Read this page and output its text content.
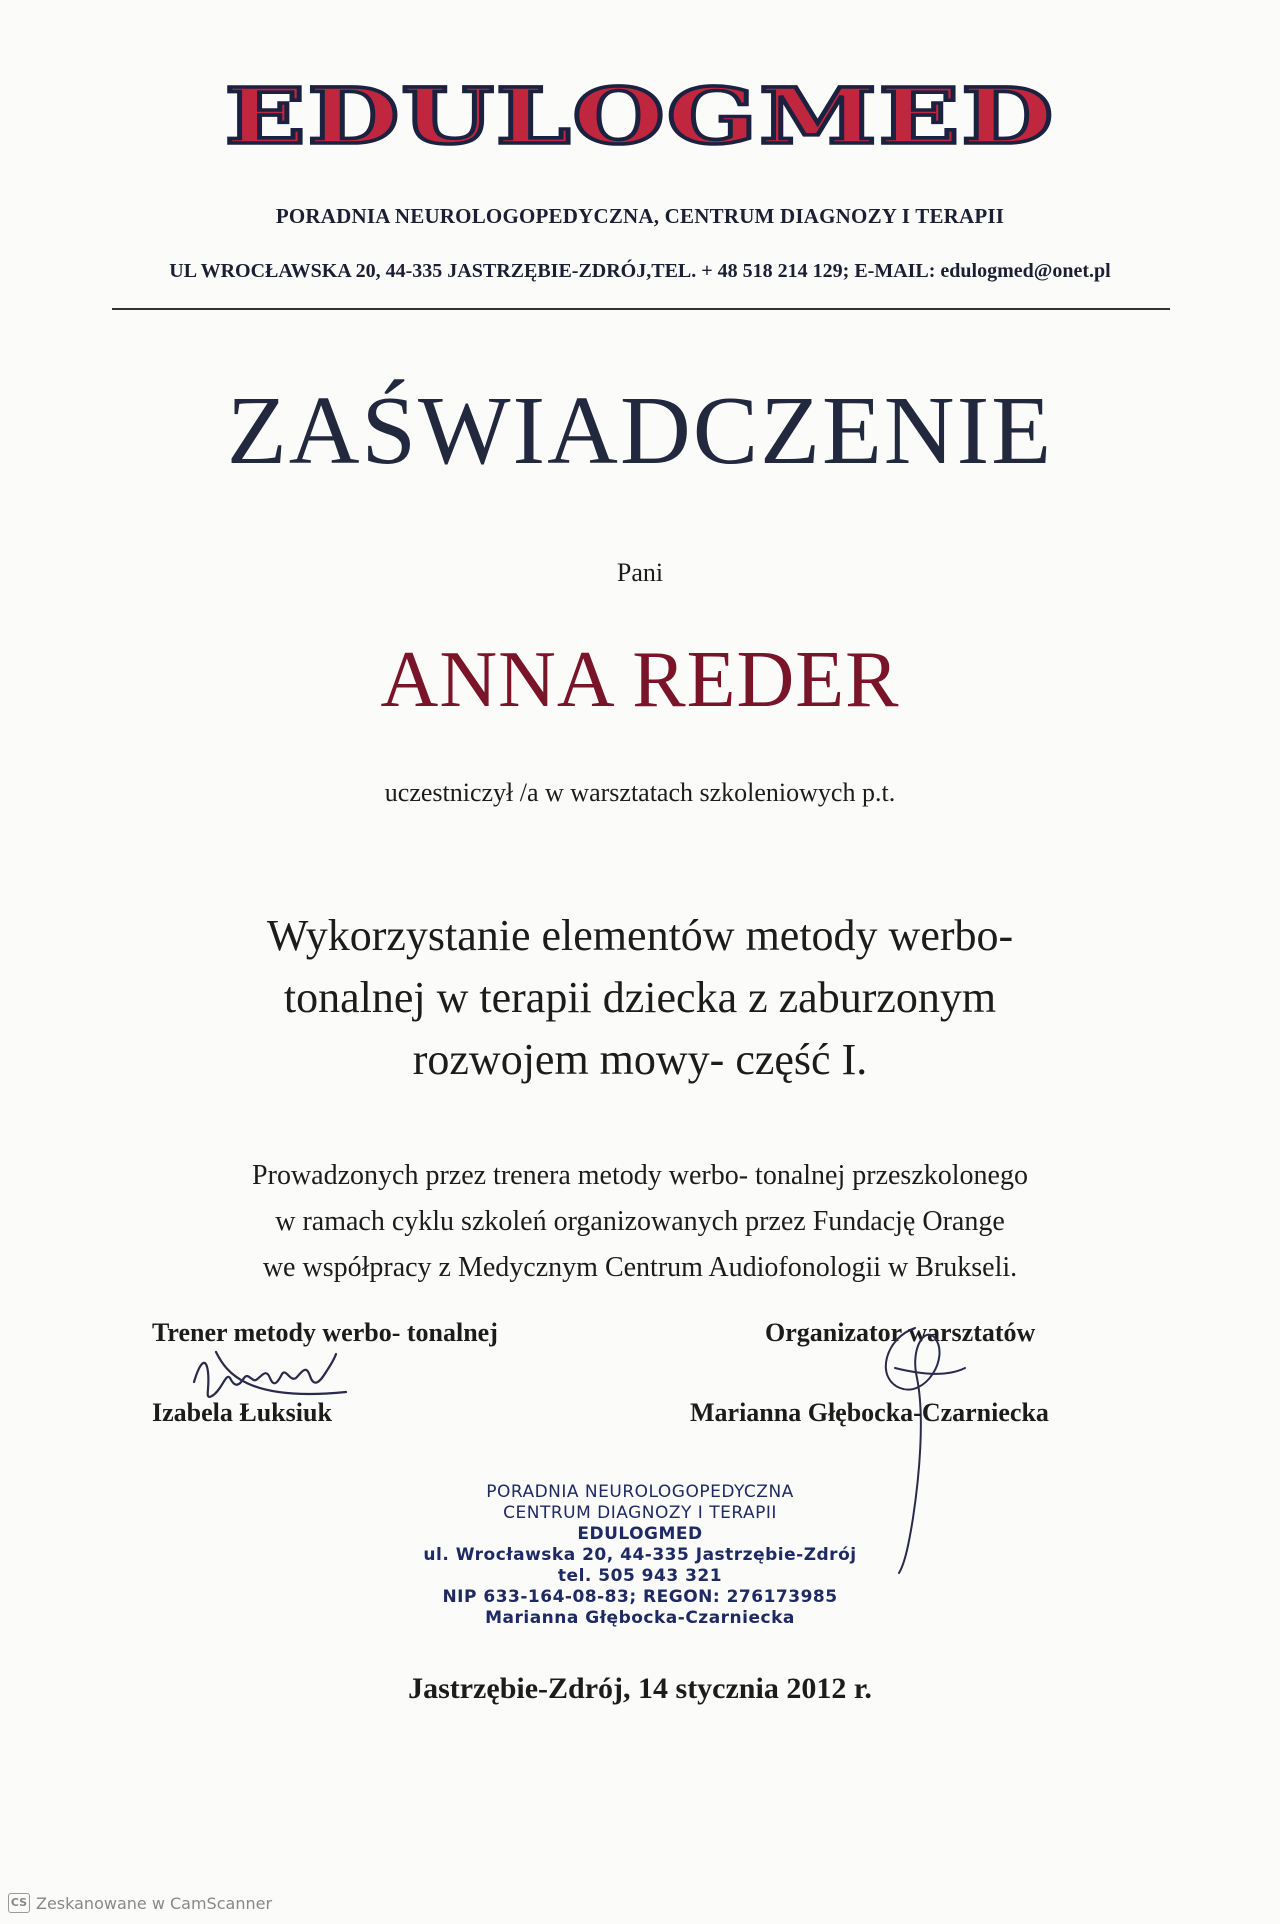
EDULOGMED
PORADNIA NEUROLOGOPEDYCZNA, CENTRUM DIAGNOZY I TERAPII
UL WROCŁAWSKA 20, 44-335 JASTRZĘBIE-ZDRÓJ,TEL. + 48 518 214 129; E-MAIL: edulogmed@onet.pl
ZAŚWIADCZENIE
Pani
ANNA REDER
uczestniczył /a w warsztatach szkoleniowych p.t.
Wykorzystanie elementów metody werbo-
tonalnej w terapii dziecka z zaburzonym
rozwojem mowy- część I.
Prowadzonych przez trenera metody werbo- tonalnej przeszkolonego
w ramach cyklu szkoleń organizowanych przez Fundację Orange
we współpracy z Medycznym Centrum Audiofonologii w Brukseli.
Trener metody werbo- tonalnej
Izabela Łuksiuk
Organizator warsztatów
Marianna Głębocka-Czarniecka
PORADNIA NEUROLOGOPEDYCZNA
CENTRUM DIAGNOZY I TERAPII
EDULOGMED
ul. Wrocławska 20, 44-335 Jastrzębie-Zdrój
tel. 505 943 321
NIP 633-164-08-83; REGON: 276173985
Marianna Głębocka-Czarniecka
Jastrzębie-Zdrój, 14 stycznia 2012 r.
CS Zeskanowane w CamScanner
